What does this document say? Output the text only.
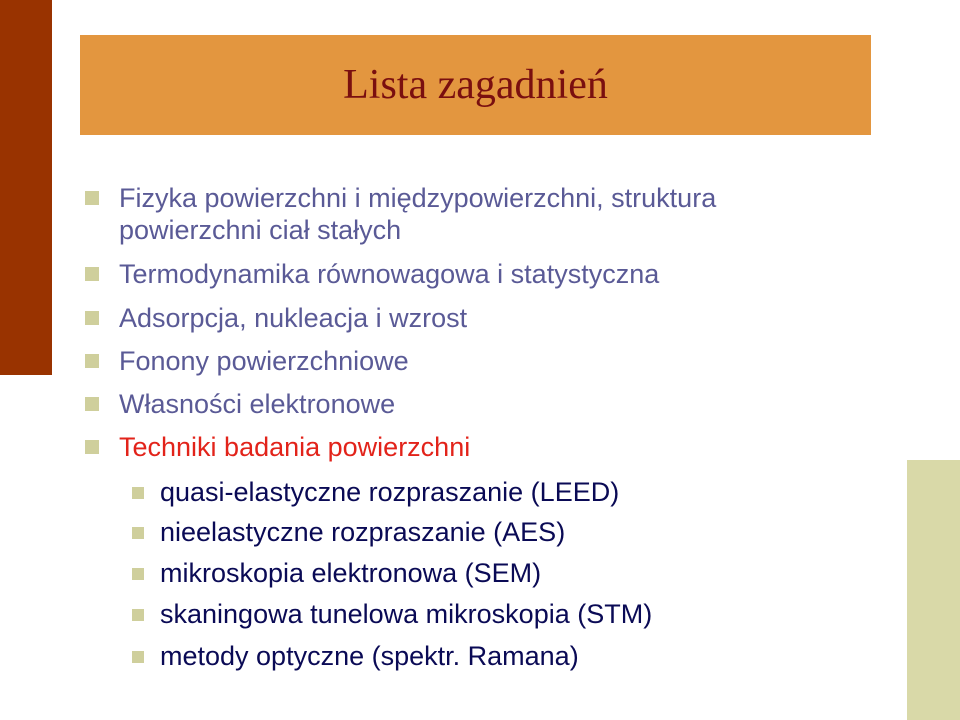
Lista zagadnień
Fizyka powierzchni i międzypowierzchni, struktura
powierzchni ciał stałych
Termodynamika równowagowa i statystyczna
Adsorpcja, nukleacja i wzrost
Fonony powierzchniowe
Własności elektronowe
Techniki badania powierzchni
quasi-elastyczne rozpraszanie (LEED)
nieelastyczne rozpraszanie (AES)
mikroskopia elektronowa (SEM)
skaningowa tunelowa mikroskopia (STM)
metody optyczne (spektr. Ramana)
